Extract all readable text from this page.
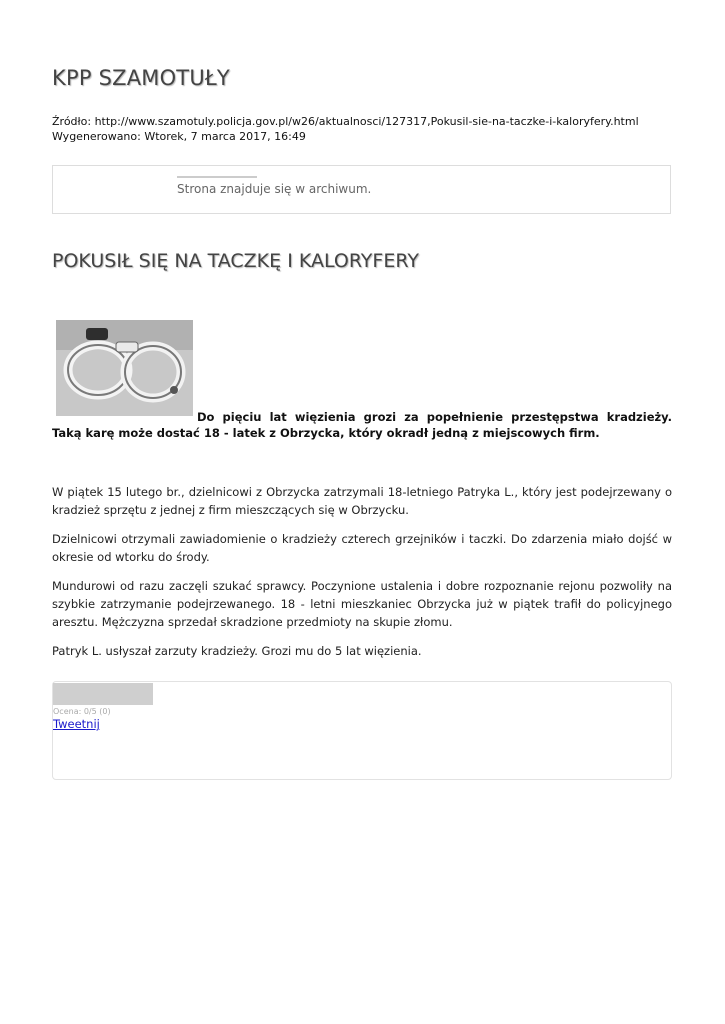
KPP SZAMOTUŁY
Źródło: http://www.szamotuly.policja.gov.pl/w26/aktualnosci/127317,Pokusil-sie-na-taczke-i-kaloryfery.html
Wygenerowano: Wtorek, 7 marca 2017, 16:49
Strona znajduje się w archiwum.
POKUSIŁ SIĘ NA TACZKĘ I KALORYFERY
Do pięciu lat więzienia grozi za popełnienie przestępstwa kradzieży. Taką karę może dostać 18 - latek z Obrzycka, który okradł jedną z miejscowych firm.

W piątek 15 lutego br., dzielnicowi z Obrzycka zatrzymali 18-letniego Patryka L., który jest podejrzewany o kradzież sprzętu z jednej z firm mieszczących się w Obrzycku.

Dzielnicowi otrzymali zawiadomienie o kradzieży czterech grzejników i taczki. Do zdarzenia miało dojść w okresie od wtorku do środy.

Mundurowi od razu zaczęli szukać sprawcy. Poczynione ustalenia i dobre rozpoznanie rejonu pozwoliły na szybkie zatrzymanie podejrzewanego. 18 - letni mieszkaniec Obrzycka już w piątek trafił do policyjnego aresztu. Mężczyzna sprzedał skradzione przedmioty na skupie złomu.

Patryk L. usłyszał zarzuty kradzieży. Grozi mu do 5 lat więzienia.

Ocena: 0/5 (0)
Tweetnij
